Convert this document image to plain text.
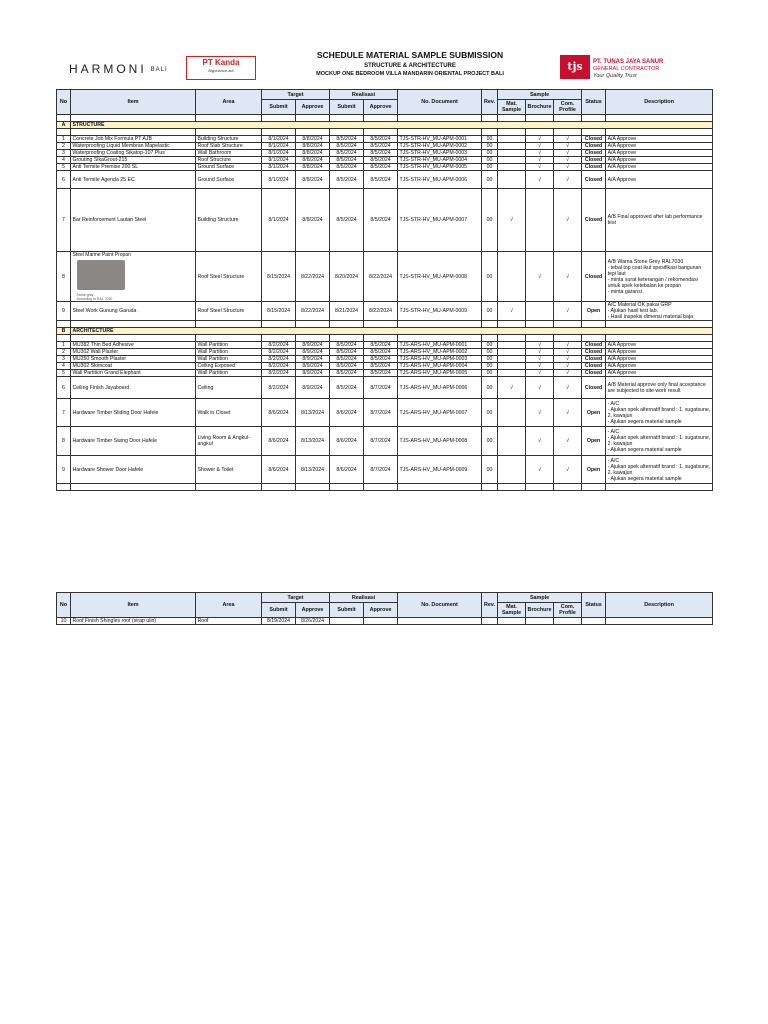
HARMONI BALI
PT Kanda
Bigchance.act	tjs	PT. TUNAS JAYA SANUR
GENERAL CONTRACTOR
Your Quality Trust
SCHEDULE MATERIAL SAMPLE SUBMISSION
STRUCTURE & ARCHITECTURE
MOCKUP ONE BEDROOM VILLA MANDARIN ORIENTAL PROJECT BALI
No	Item	Area	Target		Realisasi		No. Document	Rev.	Sample			Status	Description
			Submit	Approve	Submit	Approve			Mat. Sample	Brochure	Com. Profile		

A	STRUCTURE												

1	Concrete Job Mix Formula PT AJB	Building Structure	8/1/2024	8/8/2024	8/5/2024	8/5/2024	TJS-STR-HV_MU-APM-0001	00		√	√	Closed	A/A Approve
2	Waterproofing Liquid Membran Mapelastic	Roof Slab Structure	8/1/2024	8/8/2024	8/5/2024	8/5/2024	TJS-STR-HV_MU-APM-0002	00		√	√	Closed	A/A Approve
3	Waterproofing Coating Sikatop-107 Plus	Wall Bathroom	8/1/2024	8/8/2024	8/5/2024	8/5/2024	TJS-STR-HV_MU-APM-0003	00		√	√	Closed	A/A Approve
4	Grouting SikaGrout-215	Roof Structure	8/1/2024	8/8/2024	8/5/2024	8/5/2024	TJS-STR-HV_MU-APM-0004	00		√	√	Closed	A/A Approve
5	Anti Termite Premise 200 SL	Ground Surface	8/1/2024	8/8/2024	8/5/2024	8/5/2024	TJS-STR-HV_MU-APM-0005	00		√	√	Closed	A/A Approve
6	Anti Termite Agenda 25 EC	Ground Surface	8/1/2024	8/8/2024	8/5/2024	8/5/2024	TJS-STR-HV_MU-APM-0006	00		√	√	Closed	A/A Approve
7	Bar Reinforcement Lautan Steel	Building Structure	8/1/2024	8/8/2024	8/5/2024	8/5/2024	TJS-STR-HV_MU-APM-0007	00	√		√	Closed	A/B Final approved after lab performance test
8	Steel Marine Paint Propan
Stone grey
According to RAL 7030	Roof Steel Structure	8/15/2024	8/22/2024	8/20/2024	8/22/2024	TJS-STR-HV_MU-APM-0008	00		√	√	Closed	A/B Warna Stone Grey RAL7030
- tebal top coat ikut spesifikasi bangunan tepi laut
- minta surat keterangan / rekomendasi untuk spek ketebalan ke propan
- minta garansi
9	Steel Work Gunung Garuda	Roof Steel Structure	8/15/2024	8/22/2024	8/21/2024	8/22/2024	TJS-STR-HV_MU-APM-0009	00	√		√	Open	A/C Material OK pakai GRP
- Ajukan hasil test lab.
- Hasil inspeksi dimensi material baja

B	ARCHITECTURE												

1	MU382 Thin Bed Adhesive	Wall Partition	8/2/2024	8/9/2024	8/5/2024	8/5/2024	TJS-ARS-HV_MU-APM-0001	00		√	√	Closed	A/A Approve
2	MU302 Wall Plaster	Wall Partition	8/2/2024	8/9/2024	8/5/2024	8/5/2024	TJS-ARS-HV_MU-APM-0002	00		√	√	Closed	A/A Approve
3	MU250 Smooth Plaster	Wall Partition	8/2/2024	8/9/2024	8/5/2024	8/5/2024	TJS-ARS-HV_MU-APM-0003	00		√	√	Closed	A/A Approve
4	MU302 Skimcoat	Ceiling Exposed	8/2/2024	8/9/2024	8/5/2024	8/5/2024	TJS-ARS-HV_MU-APM-0004	00		√	√	Closed	A/A Approve
5	Wall Partition Grand Elephant	Wall Partition	8/2/2024	8/9/2024	8/5/2024	8/5/2024	TJS-ARS-HV_MU-APM-0005	00		√	√	Closed	A/A Approve
6	Ceiling Finish Jayaboard	Ceiling	8/2/2024	8/9/2024	8/5/2024	8/7/2024	TJS-ARS-HV_MU-APM-0006	00	√	√	√	Closed	A/B Material approve only final acceptance are subjected to site work result
7	Hardware Timber Sliding Door Hafele	Walk in Closet	8/6/2024	8/13/2024	8/6/2024	8/7/2024	TJS-ARS-HV_MU-APM-0007	00		√	√	Open	- A/C
- Ajukan spek alternatif brand : 1. sugatsune, 2. kawajun
- Ajukan segera material sample
8	Hardware Timber Swing Door Hafele	Living Room & Angkul-angkul	8/6/2024	8/13/2024	8/6/2024	8/7/2024	TJS-ARS-HV_MU-APM-0008	00		√	√	Open	- A/C
- Ajukan spek alternatif brand : 1. sugatsune, 2. kawajun
- Ajukan segera material sample
9	Hardware Shower Door Hafele	Shower & Toilet	8/6/2024	8/13/2024	8/6/2024	8/7/2024	TJS-ARS-HV_MU-APM-0009	00		√	√	Open	- A/C
- Ajukan spek alternatif brand : 1. sugatsune, 2. kawajun
- Ajukan segera material sample

No	Item	Area	Target		Realisasi		No. Document	Rev.	Sample			Status	Description
			Submit	Approve	Submit	Approve			Mat. Sample	Brochure	Com. Profile		
10	Roof Finish Shingles roof (sirap ulin)	Roof	8/19/2024	8/26/2024									
